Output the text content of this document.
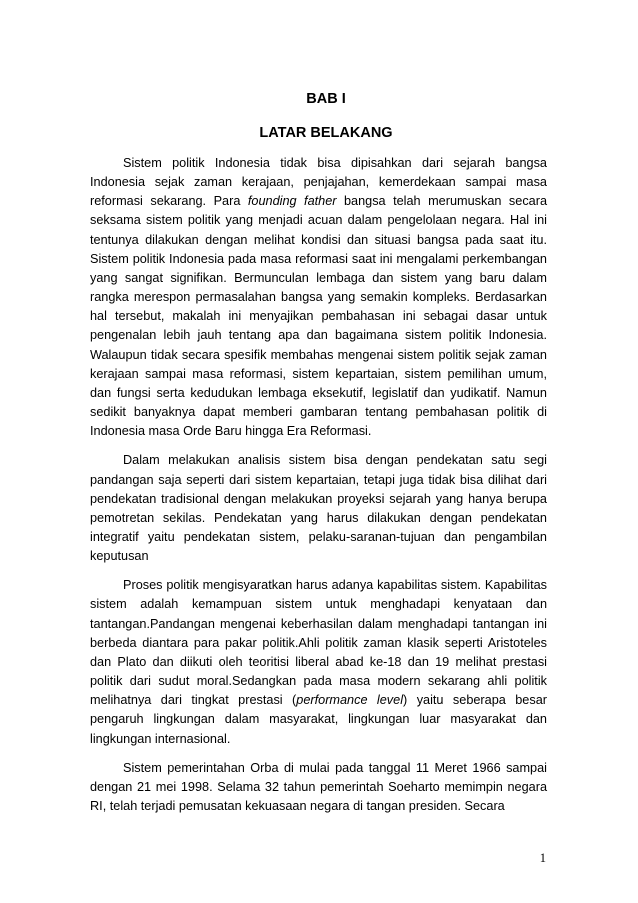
BAB I
LATAR BELAKANG

Sistem politik Indonesia tidak bisa dipisahkan dari sejarah bangsa Indonesia sejak zaman kerajaan, penjajahan, kemerdekaan sampai masa reformasi sekarang. Para founding father bangsa telah merumuskan secara seksama sistem politik yang menjadi acuan dalam pengelolaan negara. Hal ini tentunya dilakukan dengan melihat kondisi dan situasi bangsa pada saat itu. Sistem politik Indonesia pada masa reformasi saat ini mengalami perkembangan yang sangat signifikan. Bermunculan lembaga dan sistem yang baru dalam rangka merespon permasalahan bangsa yang semakin kompleks. Berdasarkan hal tersebut, makalah ini menyajikan pembahasan ini sebagai dasar untuk pengenalan lebih jauh tentang apa dan bagaimana sistem politik Indonesia. Walaupun tidak secara spesifik membahas mengenai sistem politik sejak zaman kerajaan sampai masa reformasi, sistem kepartaian, sistem pemilihan umum, dan fungsi serta kedudukan lembaga eksekutif, legislatif dan yudikatif. Namun sedikit banyaknya dapat memberi gambaran tentang pembahasan politik di Indonesia masa Orde Baru hingga Era Reformasi.

Dalam melakukan analisis sistem bisa dengan pendekatan satu segi pandangan saja seperti dari sistem kepartaian, tetapi juga tidak bisa dilihat dari pendekatan tradisional dengan melakukan proyeksi sejarah yang hanya berupa pemotretan sekilas. Pendekatan yang harus dilakukan dengan pendekatan integratif yaitu pendekatan sistem, pelaku-saranan-tujuan dan pengambilan keputusan

Proses politik mengisyaratkan harus adanya kapabilitas sistem. Kapabilitas sistem adalah kemampuan sistem untuk menghadapi kenyataan dan tantangan.Pandangan mengenai keberhasilan dalam menghadapi tantangan ini berbeda diantara para pakar politik.Ahli politik zaman klasik seperti Aristoteles dan Plato dan diikuti oleh teoritisi liberal abad ke-18 dan 19 melihat prestasi politik dari sudut moral.Sedangkan pada masa modern sekarang ahli politik melihatnya dari tingkat prestasi (performance level) yaitu seberapa besar pengaruh lingkungan dalam masyarakat, lingkungan luar masyarakat dan lingkungan internasional.

Sistem pemerintahan Orba di mulai pada tanggal 11 Meret 1966 sampai dengan 21 mei 1998. Selama 32 tahun pemerintah Soeharto memimpin negara RI, telah terjadi pemusatan kekuasaan negara di tangan presiden. Secara

1
